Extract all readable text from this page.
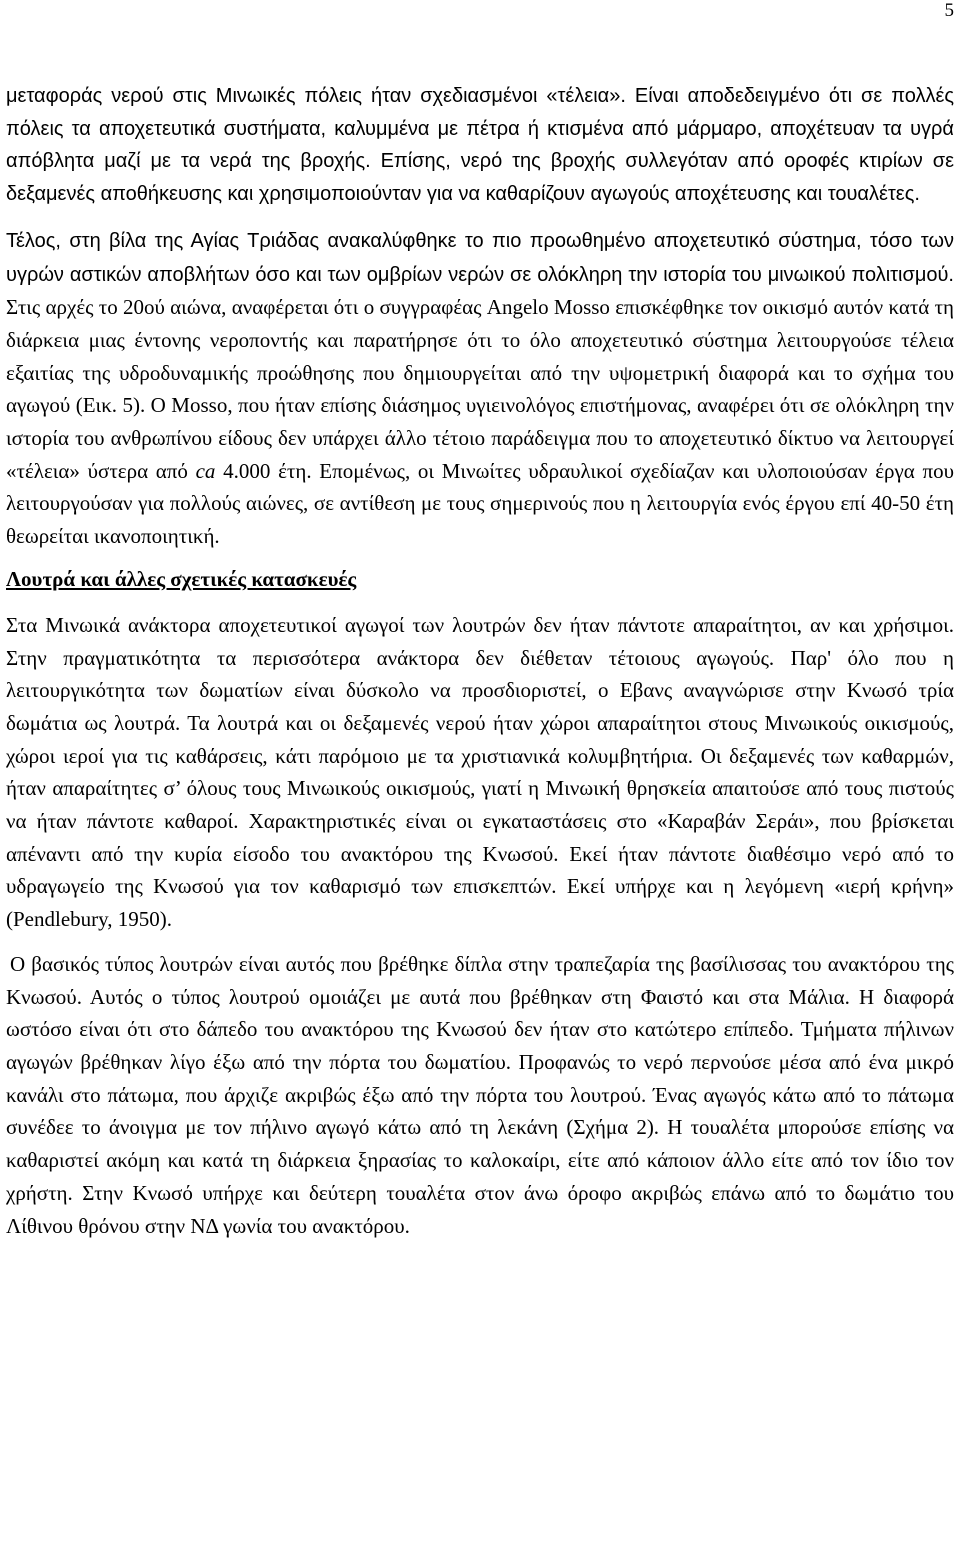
5

μεταφοράς νερού στις Μινωικές πόλεις ήταν σχεδιασμένοι «τέλεια». Είναι αποδεδειγμένο ότι σε πολλές πόλεις τα αποχετευτικά συστήματα, καλυμμένα με πέτρα ή κτισμένα από μάρμαρο, αποχέτευαν τα υγρά απόβλητα μαζί με τα νερά της βροχής. Επίσης, νερό της βροχής συλλεγόταν από οροφές κτιρίων σε δεξαμενές αποθήκευσης και χρησιμοποιούνταν για να καθαρίζουν αγωγούς αποχέτευσης και τουαλέτες.

Τέλος, στη βίλα της Αγίας Τριάδας ανακαλύφθηκε το πιο προωθημένο αποχετευτικό σύστημα, τόσο των υγρών αστικών αποβλήτων όσο και των ομβρίων νερών σε ολόκληρη την ιστορία του μινωικού πολιτισμού. Στις αρχές το 20ού αιώνα, αναφέρεται ότι ο συγγραφέας Angelo Mosso επισκέφθηκε τον οικισμό αυτόν κατά τη διάρκεια μιας έντονης νεροποντής και παρατήρησε ότι το όλο αποχετευτικό σύστημα λειτουργούσε τέλεια εξαιτίας της υδροδυναμικής προώθησης που δημιουργείται από την υψομετρική διαφορά και το σχήμα του αγωγού (Εικ. 5). Ο Mosso, που ήταν επίσης διάσημος υγιεινολόγος επιστήμονας, αναφέρει ότι σε ολόκληρη την ιστορία του ανθρωπίνου είδους δεν υπάρχει άλλο τέτοιο παράδειγμα που το αποχετευτικό δίκτυο να λειτουργεί «τέλεια» ύστερα από ca 4.000 έτη. Επομένως, οι Μινωίτες υδραυλικοί σχεδίαζαν και υλοποιούσαν έργα που λειτουργούσαν για πολλούς αιώνες, σε αντίθεση με τους σημερινούς που η λειτουργία ενός έργου επί 40-50 έτη θεωρείται ικανοποιητική.

Λουτρά και άλλες σχετικές κατασκευές

Στα Μινωικά ανάκτορα αποχετευτικοί αγωγοί των λουτρών δεν ήταν πάντοτε απαραίτητοι, αν και χρήσιμοι. Στην πραγματικότητα τα περισσότερα ανάκτορα δεν διέθεταν τέτοιους αγωγούς. Παρ' όλο που η λειτουργικότητα των δωματίων είναι δύσκολο να προσδιοριστεί, ο Εβανς αναγνώρισε στην Κνωσό τρία δωμάτια ως λουτρά. Τα λουτρά και οι δεξαμενές νερού ήταν χώροι απαραίτητοι στους Μινωικούς οικισμούς, χώροι ιεροί για τις καθάρσεις, κάτι παρόμοιο με τα χριστιανικά κολυμβητήρια. Οι δεξαμενές των καθαρμών, ήταν απαραίτητες σ’ όλους τους Μινωικούς οικισμούς, γιατί η Μινωική θρησκεία απαιτούσε από τους πιστούς να ήταν πάντοτε καθαροί. Χαρακτηριστικές είναι οι εγκαταστάσεις στο «Καραβάν Σεράι», που βρίσκεται απέναντι από την κυρία είσοδο του ανακτόρου της Κνωσού. Εκεί ήταν πάντοτε διαθέσιμο νερό από το υδραγωγείο της Κνωσού για τον καθαρισμό των επισκεπτών. Εκεί υπήρχε και η λεγόμενη «ιερή κρήνη» (Pendlebury, 1950).

Ο βασικός τύπος λουτρών είναι αυτός που βρέθηκε δίπλα στην τραπεζαρία της βασίλισσας του ανακτόρου της Κνωσού. Αυτός ο τύπος λουτρού ομοιάζει με αυτά που βρέθηκαν στη Φαιστό και στα Μάλια. Η διαφορά ωστόσο είναι ότι στο δάπεδο του ανακτόρου της Κνωσού δεν ήταν στο κατώτερο επίπεδο. Τμήματα πήλινων αγωγών βρέθηκαν λίγο έξω από την πόρτα του δωματίου. Προφανώς το νερό περνούσε μέσα από ένα μικρό κανάλι στο πάτωμα, που άρχιζε ακριβώς έξω από την πόρτα του λουτρού. Ένας αγωγός κάτω από το πάτωμα συνέδεε το άνοιγμα με τον πήλινο αγωγό κάτω από τη λεκάνη (Σχήμα 2). Η τουαλέτα μπορούσε επίσης να καθαριστεί ακόμη και κατά τη διάρκεια ξηρασίας το καλοκαίρι, είτε από κάποιον άλλο είτε από τον ίδιο τον χρήστη. Στην Κνωσό υπήρχε και δεύτερη τουαλέτα στον άνω όροφο ακριβώς επάνω από το δωμάτιο του Λίθινου θρόνου στην ΝΔ γωνία του ανακτόρου.
